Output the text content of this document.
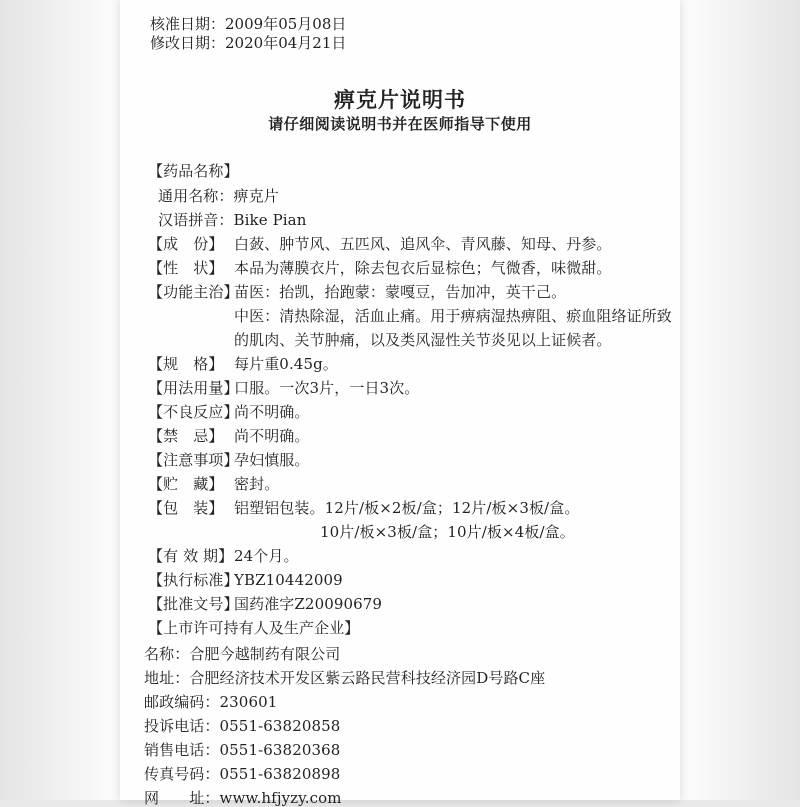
核准日期：2009年05月08日
修改日期：2020年04月21日
痹克片说明书
请仔细阅读说明书并在医师指导下使用
【药品名称】
通用名称：痹克片
汉语拼音：Bike Pian
【成　份】 白蔹、肿节风、五匹风、追风伞、青风藤、知母、丹参。
【性　状】 本品为薄膜衣片，除去包衣后显棕色；气微香，味微甜。
【功能主治】苗医：抬凯，抬跑蒙：蒙嘎豆，告加冲，英干己。
中医：清热除湿，活血止痛。用于痹病湿热痹阻、瘀血阻络证所致
的肌肉、关节肿痛，以及类风湿性关节炎见以上证候者。
【规　格】 每片重0.45g。
【用法用量】口服。一次3片，一日3次。
【不良反应】尚不明确。
【禁　忌】 尚不明确。
【注意事项】孕妇慎服。
【贮　藏】 密封。
【包　装】 铝塑铝包装。12片/板×2板/盒；12片/板×3板/盒。
10片/板×3板/盒；10片/板×4板/盒。
【有 效 期】24个月。
【执行标准】YBZ10442009
【批准文号】国药准字Z20090679
【上市许可持有人及生产企业】
名称：合肥今越制药有限公司
地址：合肥经济技术开发区紫云路民营科技经济园D号路C座
邮政编码：230601
投诉电话：0551-63820858
销售电话：0551-63820368
传真号码：0551-63820898
网　　址：www.hfjyzy.com
